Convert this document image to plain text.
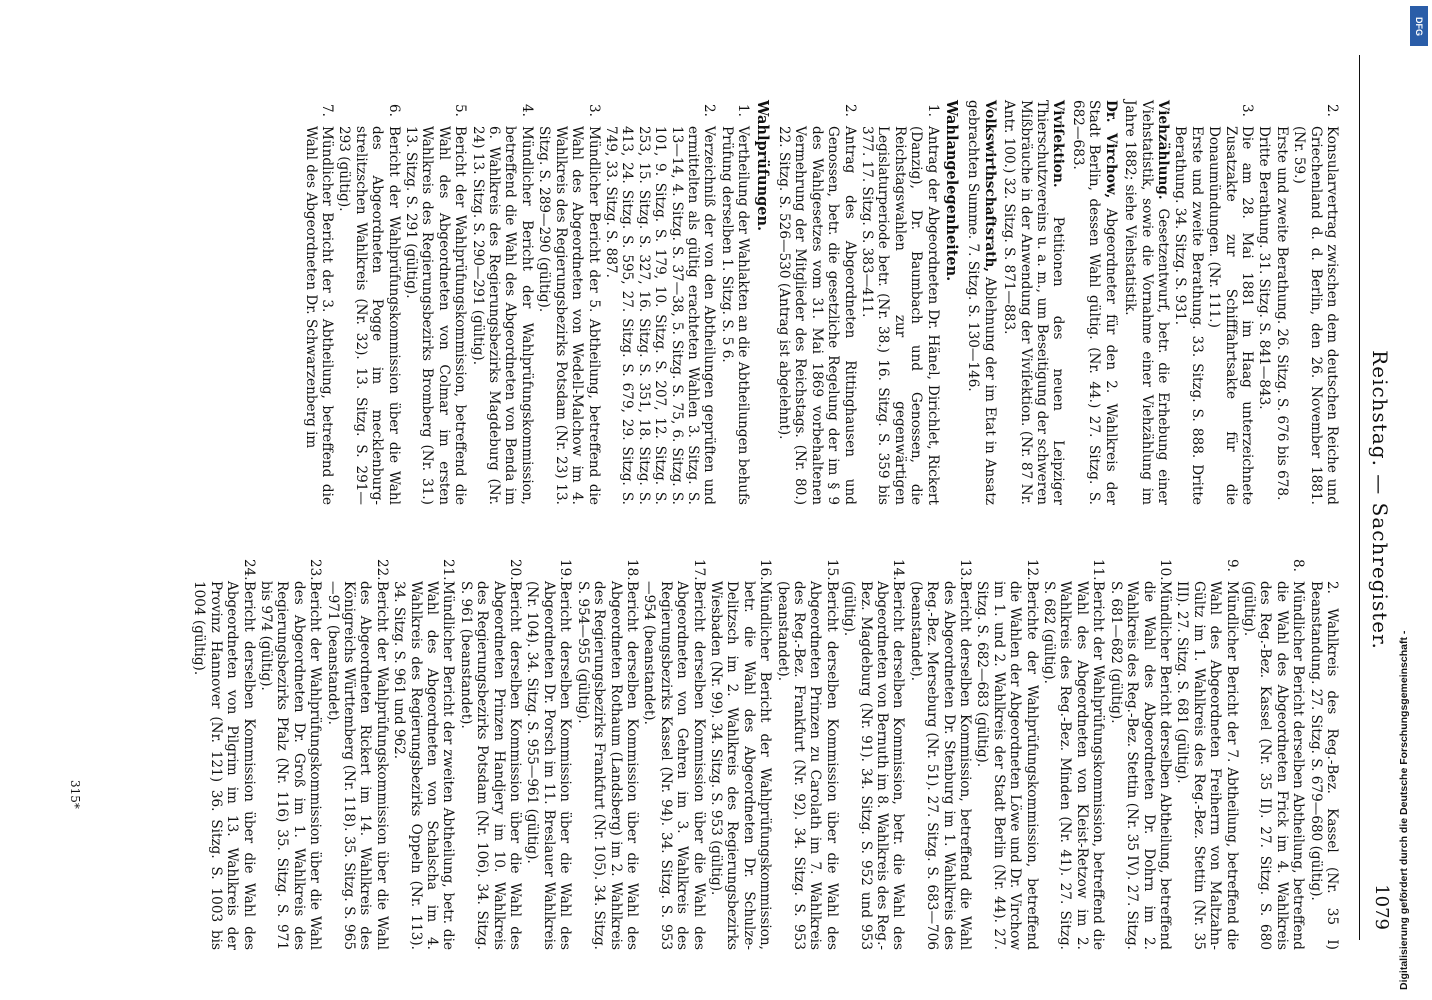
Reichstag. — Sachregister.
1079
2.Konsularvertrag zwischen dem deutschen Reiche und Griechenland d. d. Berlin, den 26. November 1881. (Nr. 59.)
Erste und zweite Berathung. 26. Sitzg. S. 676 bis 678.
Dritte Berathung. 31. Sitzg. S. 841—843.
3.Die am 28. Mai 1881 im Haag unterzeichnete Zusatzakte zur Schifffahrtsakte für die Donaumündungen. (Nr. 111.)
Erste und zweite Berathung. 33. Sitzg. S. 888. Dritte Berathung. 34. Sitzg. S. 931.
Viehzählung. Gesetzentwurf, betr. die Erhebung einer Viehstatistik, sowie die Vornahme einer Viehzählung im Jahre 1882; siehe Viehstatistik.
Dr. Virchow, Abgeordneter für den 2. Wahlkreis der Stadt Berlin, dessen Wahl gültig. (Nr. 44.) 27. Sitzg. S. 682—683.
Viviſektion. Petitionen des neuen Leipziger Thierschutzvereins u. a. m., um Beseitigung der schweren Mißbräuche in der Anwendung der Viviſektion. (Nr. 87 Nr. Antr. 100.) 32. Sitzg. S. 871—883.
Volkswirthschaftsrath, Ablehnung der im Etat in Ansatz gebrachten Summe. 7. Sitzg. S. 130—146.
Wahlangelegenheiten.
1.Antrag der Abgeordneten Dr. Hänel, Dirichlet, Rickert (Danzig), Dr. Baumbach und Genossen, die Reichstagswahlen zur gegenwärtigen Legislaturperiode betr. (Nr. 38.) 16. Sitzg. S. 359 bis 377. 17. Sitzg. S. 383—411.
2.Antrag des Abgeordneten Rittinghausen und Genossen, betr. die gesetzliche Regelung der im § 9 des Wahlgesetzes vom 31. Mai 1869 vorbehaltenen Vermehrung der Mitglieder des Reichstags. (Nr. 80.) 22. Sitzg. S. 526—530 (Antrag ist abgelehnt).
Wahlprüfungen.
1.Vertheilung der Wahlakten an die Abtheilungen behufs Prüfung derselben 1. Sitzg. S. 5 6.
2.Verzeichniß der von den Abtheilungen geprüften und ermittelten als gültig erachteten Wahlen 3. Sitzg. S. 13—14, 4. Sitzg. S. 37—38, 5. Sitzg. S. 75, 6. Sitzg. S. 101, 9. Sitzg. S. 179, 10. Sitzg. S. 207, 12. Sitzg. S. 253, 15. Sitzg. S. 327, 16. Sitzg. S. 351, 18. Sitzg. S. 413, 24. Sitzg. S. 595, 27. Sitzg. S. 679, 29. Sitzg. S. 749, 33. Sitzg. S. 887.
3.Mündlicher Bericht der 5. Abtheilung, betreffend die Wahl des Abgeordneten von Wedell-Malchow im 4. Wahlkreis des Regierungsbezirks Potsdam (Nr. 23) 13. Sitzg. S. 289—290 (gültig).
4.Mündlicher Bericht der Wahlprüfungskommission, betreffend die Wahl des Abgeordneten von Benda im 6. Wahlkreis des Regierungsbezirks Magdeburg (Nr. 24) 13. Sitzg. S. 290—291 (gültig).
5.Bericht der Wahlprüfungskommission, betreffend die Wahl des Abgeordneten von Colmar im ersten Wahlkreis des Regierungsbezirks Bromberg (Nr. 31.) 13. Sitzg. S. 291 (gültig).
6.Bericht der Wahlprüfungskommission über die Wahl des Abgeordneten Pogge im mecklenburg-strelitzschen Wahlkreis (Nr. 32). 13. Sitzg. S. 291—293 (gültig).
7.Mündlicher Bericht der 3. Abtheilung, betreffend die Wahl des Abgeordneten Dr. Schwarzenberg im
2. Wahlkreis des Reg.-Bez. Kassel (Nr. 35 I) Beanstandung. 27. Sitzg. S. 679—680 (gültig).
8.Mündlicher Bericht derselben Abtheilung, betreffend die Wahl des Abgeordneten Frick im 4. Wahlkreis des Reg.-Bez. Kassel (Nr. 35 II). 27. Sitzg. S. 680 (gültig).
9.Mündlicher Bericht der 7. Abtheilung, betreffend die Wahl des Abgeordneten Freiherrn von Maltzahn-Gültz im 1. Wahlkreis des Reg.-Bez. Stettin (Nr. 35 III). 27. Sitzg. S. 681 (gültig).
10.Mündlicher Bericht derselben Abtheilung, betreffend die Wahl des Abgeordneten Dr. Dohrn im 2. Wahlkreis des Reg.-Bez. Stettin (Nr. 35 IV). 27. Sitzg. S. 681—682 (gültig).
11.Bericht der Wahlprüfungskommission, betreffend die Wahl des Abgeordneten von Kleist-Retzow im 2. Wahlkreis des Reg.-Bez. Minden (Nr. 41). 27. Sitzg. S. 682 (gültig).
12.Berichte der Wahlprüfungskommission, betreffend die Wahlen der Abgeordneten Löwe und Dr. Virchow im 1. und 2. Wahlkreis der Stadt Berlin (Nr. 44). 27. Sitzg. S. 682—683 (gültig).
13.Bericht derselben Kommission, betreffend die Wahl des Abgeordneten Dr. Stenburg im 1. Wahlkreis des Reg.-Bez. Merseburg (Nr. 51). 27. Sitzg. S. 683—706 (beanstandet).
14.Bericht derselben Kommission, betr. die Wahl des Abgeordneten von Bernuth im 8. Wahlkreis des Reg.-Bez. Magdeburg (Nr. 91). 34. Sitzg. S. 952 und 953 (gültig).
15.Bericht derselben Kommission über die Wahl des Abgeordneten Prinzen zu Carolath im 7. Wahlkreis des Reg.-Bez. Frankfurt (Nr. 92). 34. Sitzg. S. 953 (beanstandet).
16.Mündlicher Bericht der Wahlprüfungskommission, betr. die Wahl des Abgeordneten Dr. Schulze-Delitzsch im 2. Wahlkreis des Regierungsbezirks Wiesbaden (Nr. 99). 34. Sitzg. S. 953 (gültig).
17.Bericht derselben Kommission über die Wahl des Abgeordneten von Gehren im 3. Wahlkreis des Regierungsbezirks Kassel (Nr. 94). 34. Sitzg. S. 953—954 (beanstandet).
18.Bericht derselben Kommission über die Wahl des Abgeordneten Rothaum (Landsberg) im 2. Wahlkreis des Regierungsbezirks Frankfurt (Nr. 105). 34. Sitzg. S. 954—955 (gültig).
19.Bericht derselben Kommission über die Wahl des Abgeordneten Dr. Porsch im 11. Breslauer Wahlkreis (Nr. 104). 34. Sitzg. S. 955—961 (gültig).
20.Bericht derselben Kommission über die Wahl des Abgeordneten Prinzen Handjery im 10. Wahlkreis des Regierungsbezirks Potsdam (Nr. 106). 34. Sitzg. S. 961 (beanstandet).
21.Mündlicher Bericht der zweiten Abtheilung, betr. die Wahl des Abgeordneten von Schalscha im 4. Wahlkreis des Regierungsbezirks Oppeln (Nr. 113). 34. Sitzg. S. 961 und 962.
22.Bericht der Wahlprüfungskommission über die Wahl des Abgeordneten Rickert im 14. Wahlkreis des Königreichs Württemberg (Nr. 118). 35. Sitzg. S. 965—971 (beanstandet).
23.Bericht der Wahlprüfungskommission über die Wahl des Abgeordneten Dr. Groß im 1. Wahlkreis des Regierungsbezirks Pfalz (Nr. 116) 35. Sitzg. S. 971 bis 974 (gültig).
24.Bericht derselben Kommission über die Wahl des Abgeordneten von Pilgrim im 13. Wahlkreis der Provinz Hannover (Nr. 121) 36. Sitzg. S. 1003 bis 1004 (gültig).
315*
DFG
Digitalisierung gefördert durch die Deutsche Forschungsgemeinschaft -
